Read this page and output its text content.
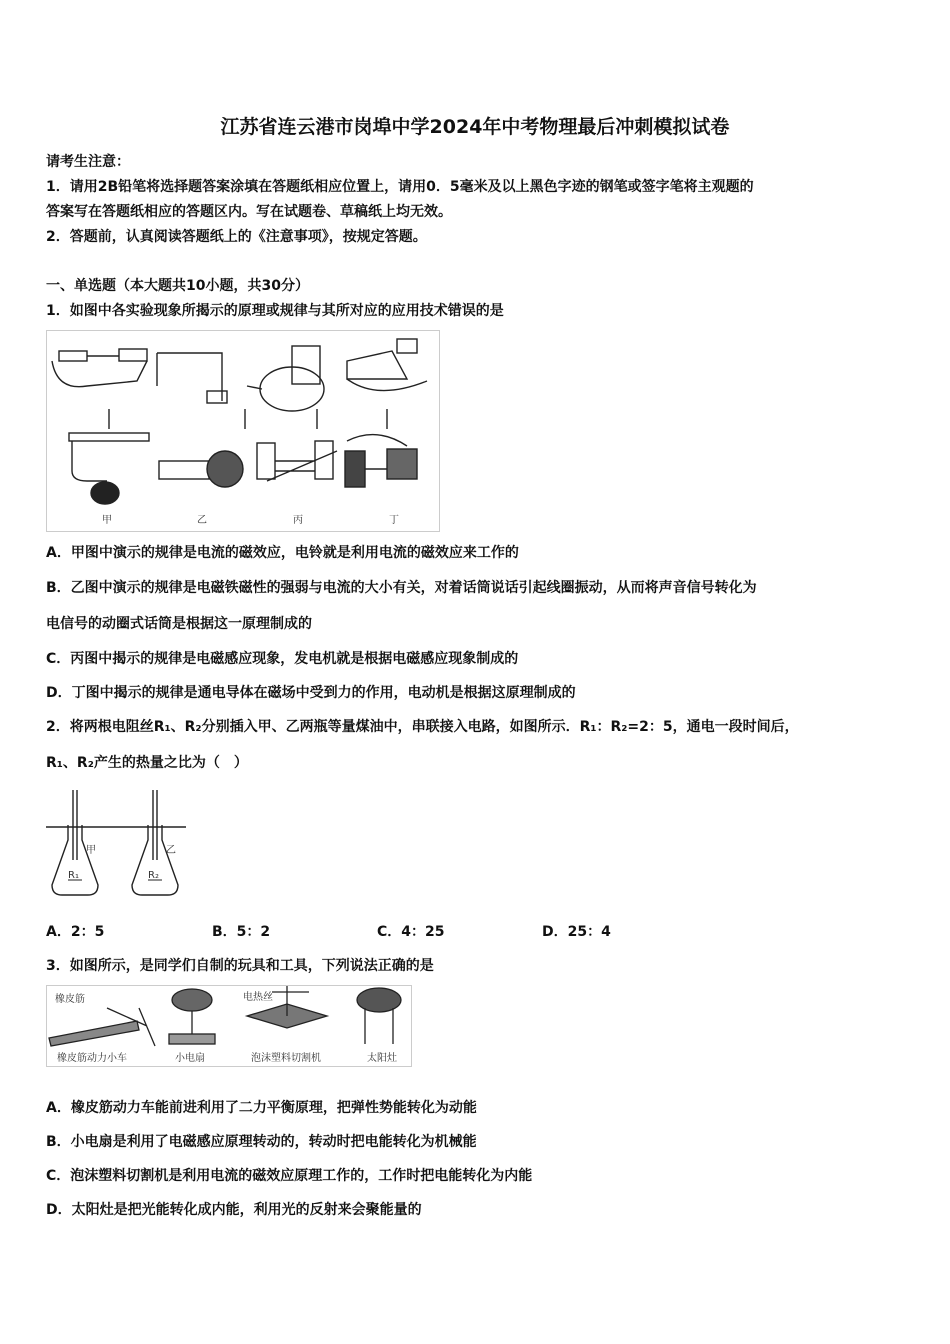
江苏省连云港市岗埠中学2024年中考物理最后冲刺模拟试卷
请考生注意：
1．请用2B铅笔将选择题答案涂填在答题纸相应位置上，请用0．5毫米及以上黑色字迹的钢笔或签字笔将主观题的
答案写在答题纸相应的答题区内。写在试题卷、草稿纸上均无效。
2．答题前，认真阅读答题纸上的《注意事项》，按规定答题。
一、单选题（本大题共10小题，共30分）
1．如图中各实验现象所揭示的原理或规律与其所对应的应用技术错误的是
甲	乙	丙	丁
A．甲图中演示的规律是电流的磁效应，电铃就是利用电流的磁效应来工作的
B．乙图中演示的规律是电磁铁磁性的强弱与电流的大小有关，对着话筒说话引起线圈振动，从而将声音信号转化为
电信号的动圈式话筒是根据这一原理制成的
C．丙图中揭示的规律是电磁感应现象，发电机就是根据电磁感应现象制成的
D．丁图中揭示的规律是通电导体在磁场中受到力的作用，电动机是根据这原理制成的
2．将两根电阻丝R₁、R₂分别插入甲、乙两瓶等量煤油中，串联接入电路，如图所示．R₁：R₂=2：5，通电一段时间后，
R₁、R₂产生的热量之比为（　）
甲	乙
R₁	R₂
A．2：5	B．5：2	C．4：25	D．25：4
3．如图所示，是同学们自制的玩具和工具，下列说法正确的是
橡皮筋
橡皮筋动力小车	小电扇
电热丝
泡沫塑料切割机	太阳灶
A．橡皮筋动力车能前进利用了二力平衡原理，把弹性势能转化为动能
B．小电扇是利用了电磁感应原理转动的，转动时把电能转化为机械能
C．泡沫塑料切割机是利用电流的磁效应原理工作的，工作时把电能转化为内能
D．太阳灶是把光能转化成内能，利用光的反射来会聚能量的
